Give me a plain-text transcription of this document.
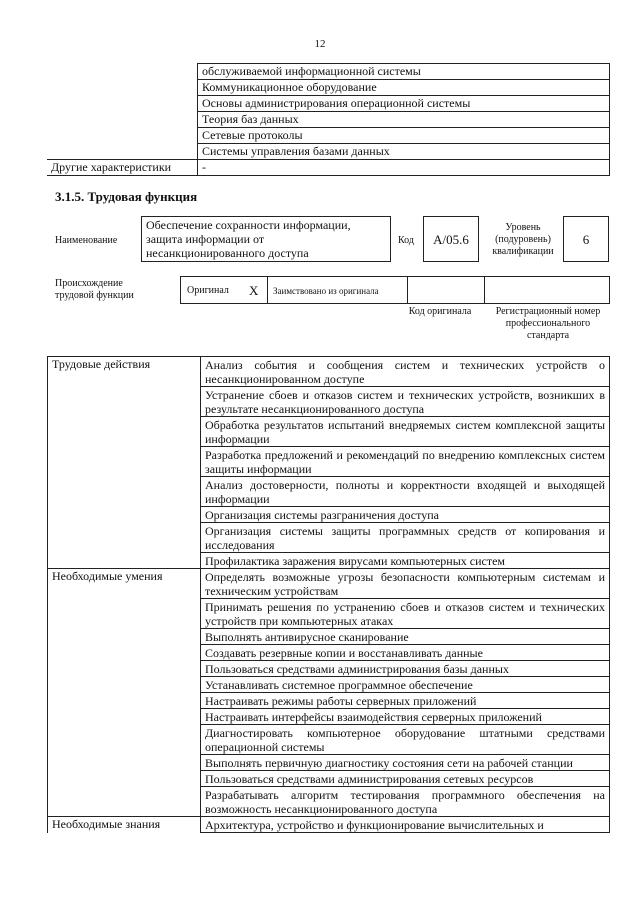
12
	обслуживаемой информационной системы
	Коммуникационное оборудование
	Основы администрирования операционной системы
	Теория баз данных
	Сетевые протоколы
	Системы управления базами данных
Другие характеристики	-
3.1.5. Трудовая функция
Наименование
Обеспечение сохранности информации, защита информации от несанкционированного доступа
Код	A/05.6
Уровень (подуровень) квалификации
6
Происхождение трудовой функции	Оригинал X Заимствовано из оригинала
Код оригинала	Регистрационный номер профессионального стандарта
Трудовые действия	Анализ события и сообщения систем и технических устройств о несанкционированном доступе
	Устранение сбоев и отказов систем и технических устройств, возникших в результате несанкционированного доступа
	Обработка результатов испытаний внедряемых систем комплексной защиты информации
	Разработка предложений и рекомендаций по внедрению комплексных систем защиты информации
	Анализ достоверности, полноты и корректности входящей и выходящей информации
	Организация системы разграничения доступа
	Организация системы защиты программных средств от копирования и исследования
	Профилактика заражения вирусами компьютерных систем
Необходимые умения	Определять возможные угрозы безопасности компьютерным системам и техническим устройствам
	Принимать решения по устранению сбоев и отказов систем и технических устройств при компьютерных атаках
	Выполнять антивирусное сканирование
	Создавать резервные копии и восстанавливать данные
	Пользоваться средствами администрирования базы данных
	Устанавливать системное программное обеспечение
	Настраивать режимы работы серверных приложений
	Настраивать интерфейсы взаимодействия серверных приложений
	Диагностировать компьютерное оборудование штатными средствами операционной системы
	Выполнять первичную диагностику состояния сети на рабочей станции
	Пользоваться средствами администрирования сетевых ресурсов
	Разрабатывать алгоритм тестирования программного обеспечения на возможность несанкционированного доступа
Необходимые знания	Архитектура, устройство и функционирование вычислительных и
